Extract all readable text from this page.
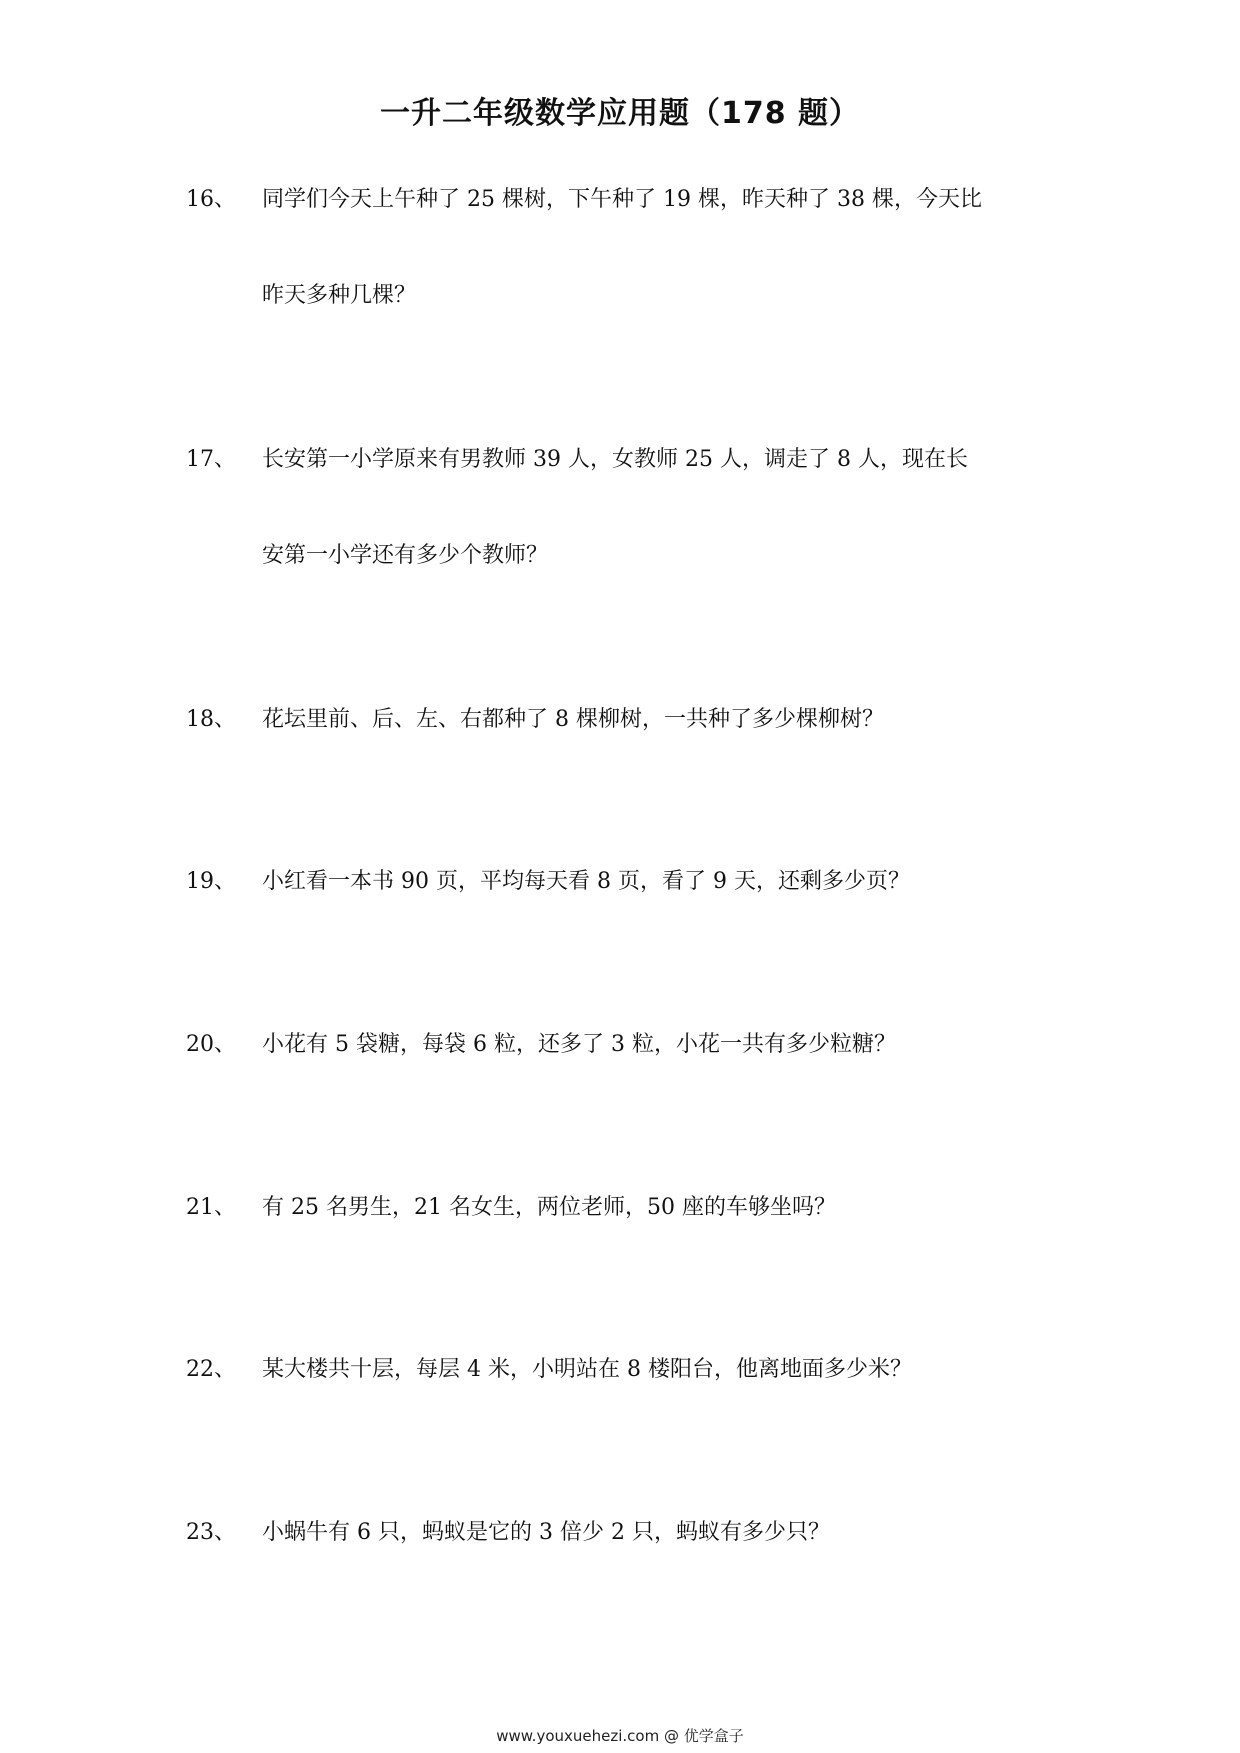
一升二年级数学应用题（178 题）
16、 同学们今天上午种了 25 棵树，下午种了 19 棵，昨天种了 38 棵，今天比
昨天多种几棵？
17、 长安第一小学原来有男教师 39 人，女教师 25 人，调走了 8 人，现在长
安第一小学还有多少个教师？
18、 花坛里前、后、左、右都种了 8 棵柳树，一共种了多少棵柳树？
19、 小红看一本书 90 页，平均每天看 8 页，看了 9 天，还剩多少页？
20、 小花有 5 袋糖，每袋 6 粒，还多了 3 粒，小花一共有多少粒糖？
21、 有 25 名男生，21 名女生，两位老师，50 座的车够坐吗？
22、 某大楼共十层，每层 4 米，小明站在 8 楼阳台，他离地面多少米？
23、 小蜗牛有 6 只，蚂蚁是它的 3 倍少 2 只，蚂蚁有多少只？
www.youxuehezi.com @ 优学盒子
